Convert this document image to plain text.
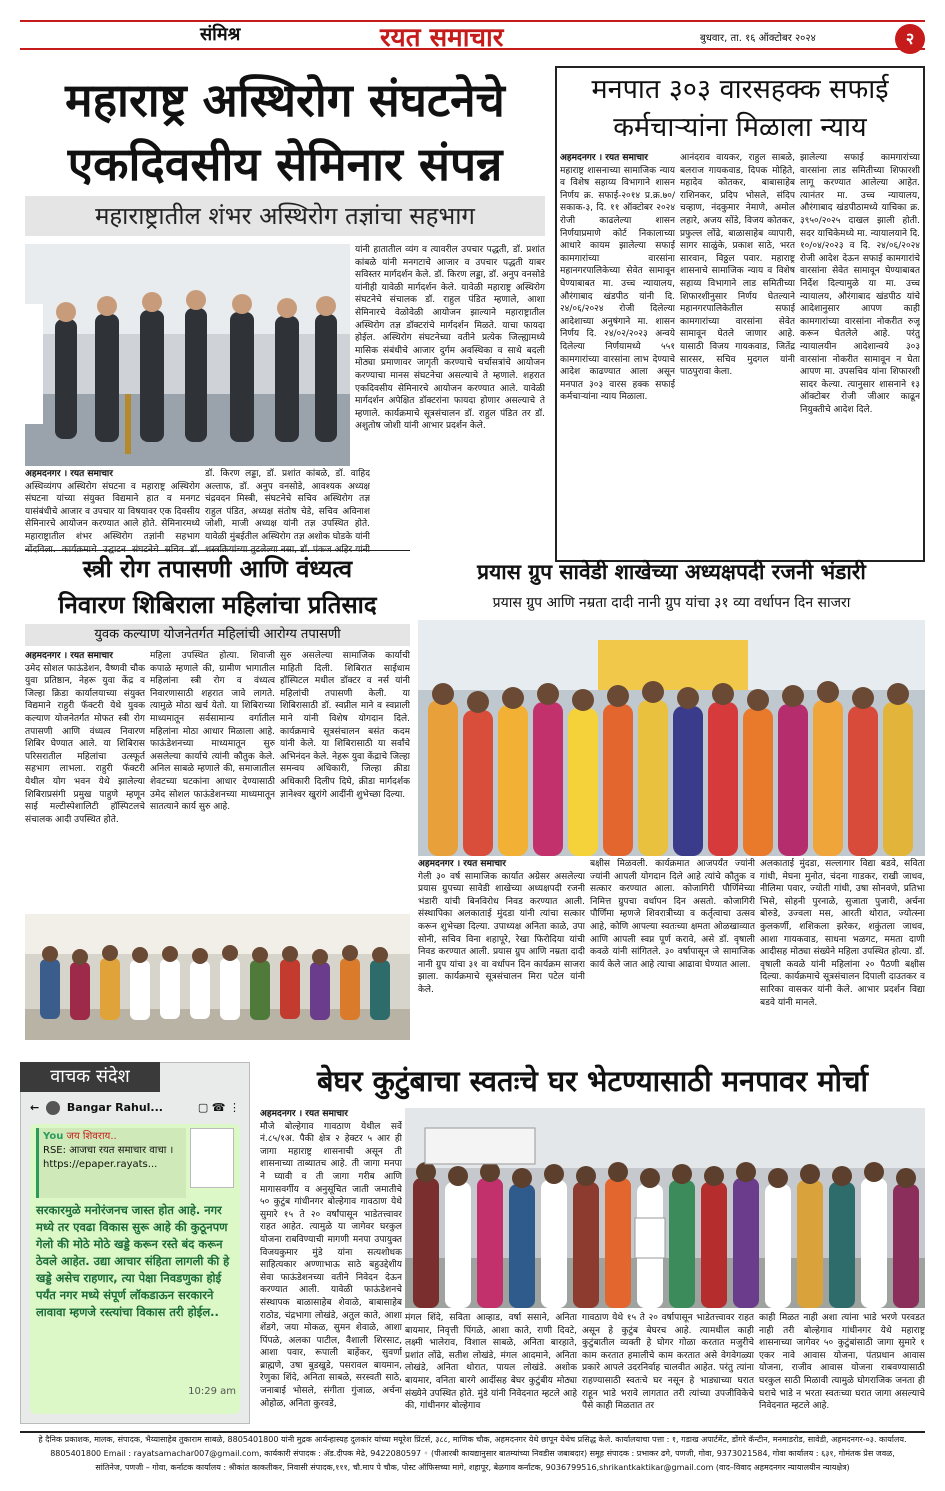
संमिश्र	रयत समाचार	बुधवार, ता. १६ ऑक्टोबर २०२४	२
महाराष्ट्र अस्थिरोग संघटनेचे
एकदिवसीय सेमिनार संपन्न
महाराष्ट्रातील शंभर अस्थिरोग तज्ञांचा सहभाग
अहमदनगर । रयत समाचार
अस्थिव्यंगप अस्थिरोग संघटना व महाराष्ट्र अस्थिरोग संघटना यांच्या संयुक्त विद्यमाने हात व मनगट यासंबंधीचे आजार व उपचार या विषयावर एक दिवसीय सेमिनारचे आयोजन करण्यात आले होते. सेमिनारमध्ये महाराष्ट्रातील शंभर अस्थिरोग तज्ञांनी सहभाग
डॉ. किरण लड्डा, डॉ. प्रशांत कांबळे, डॉ. वाहिद अल्ताफ, डॉ. अनुप वनसोडे, आवश्यक अध्यक्ष चंद्रवदन मिस्त्री, संघटनेचे सचिव अस्थिरोग तज्ञ राहुल पंडित, अध्यक्ष संतोष चेडे, सचिव अविनाश जोशी, माजी अध्यक्ष यांनी तज्ञ उपस्थित होते. यावेळी मुंबईतील अस्थिरोग तज्ञ अशोक घोडके यांनी
यांनी हातातील व्यंग व त्यावरील उपचार पद्धती, डॉ. प्रशांत कांबळे यांनी मनगटाचे आजार व उपचार पद्धती याबर सविस्तर मार्गदर्शन केले. डॉ. किरण लड्डा, डॉ. अनुप वनसोडे यांनीही यावेळी मार्गदर्शन केले. यावेळी महाराष्ट्र अस्थिरोग संघटनेचे संचालक डॉ. राहुल पंडित म्हणाले, आशा सेमिनारचे वेळोवेळी आयोजन झाल्याने महाराष्ट्रातील अस्थिरोग तज्ञ डॉक्टरांचे मार्गदर्शन मिळते. याचा फायदा होईल. अस्थिरोग संघटनेच्या वतीने प्रत्येक जिल्ह्यामध्ये मासिक संबंधीचे आजार दुर्गम अवस्थिका व साथे बदली मोठ्या प्रमाणावर जागृती करण्याचे चर्चासत्रांचे आयोजन करण्याचा मानस संघटनेचा असल्याचे ते म्हणाले. शहरात एकदिवसीय सेमिनारचे आयोजन करण्यात आले. यावेळी मार्गदर्शन अपेक्षित डॉक्टरांना फायदा होणार असल्याचे ते म्हणाले. कार्यक्रमाचे सूत्रसंचालन डॉ. राहुल पंडित तर डॉ. अशुतोष जोशी यांनी आभार प्रदर्शन केले.
मनपात ३०३ वारसहक्क सफाई
कर्मचाऱ्यांना मिळाला न्याय
अहमदनगर । रयत समाचार
महाराष्ट्र शासनाच्या सामाजिक न्याय व विशेष सहाय्य विभागाने शासन निर्णय क्र. सफाई-२०१४ प्र.क्र.७०/सकाक-३, दि. ११ ऑक्टोबर २०२४ रोजी काढलेल्या शासन निर्णयाप्रमाणे कोर्ट निकालाच्या आधारे कायम झालेल्या सफाई कामगारांच्या वारसांना महानगरपालिकेच्या सेवेत सामावून घेण्याबाबत मा. उच्च न्यायालय, औरंगाबाद खंडपीठ यांनी दि. २४/०६/२०२४ रोजी दिलेल्या आदेशाच्या अनुषंगाने मा. शासन निर्णय दि. २४/०२/२०२३ अन्वये दिलेल्या निर्णयामध्ये ५५१ कामगारांच्या वारसांना लाभ देण्याचे आदेश काढण्यात आला असून मनपात ३०३ वारस हक्क सफाई कर्मचाऱ्यांना न्याय मिळाला.
आनंदराव वायकर, राहुल साबळे, बलराज गायकवाड, दिपक मोहिते, महादेव कोतकर, बाबासाहेब राशिनकर, प्रदिप भोसले, संदिप चव्हाण, नंदकुमार नेमाणे, अमोल लहारे, अजय सोंडे, विजय कोतकर, प्रफुल्ल लोंढे, बाळासाहेब व्यापारी, सागर साळुंके, प्रकाश साठे, भरत सारवान, विठ्ठल पवार. महाराष्ट्र शासनाचे सामाजिक न्याय व विशेष सहाय्य विभागाने लाड समितीच्या शिफारशीनुसार निर्णय घेतल्याने महानगरपालिकेतील सफाई कामगारांच्या वारसांना सेवेत सामावून घेतले जाणार आहे. यासाठी विजय गायकवाड, जितेंद्र सारसर, सचिव मुदगल यांनी पाठपुरावा केला.
झालेल्या सफाई कामगारांच्या वारसांना लाड समितीच्या शिफारशी लागू करण्यात आलेल्या आहेत. त्यानंतर मा. उच्च न्यायालय, औरंगाबाद खंडपीठामध्ये याचिका क्र. ३९५०/२०२५ दाखल झाली होती. सदर याचिकेमध्ये मा. न्यायालयाने दि. १०/०४/२०२३ व दि. २४/०६/२०२४ रोजी आदेश देऊन सफाई कामगारांचे वारसांना सेवेत सामावून घेण्याबाबत निर्देश दिल्यामुळे या मा. उच्च न्यायालय, औरंगाबाद खंडपीठ यांचे आदेशानुसार आपण काही कामगारांच्या वारसांना नोकरीत रुजू करून घेतलेले आहे. परंतु न्यायालयीन आदेशान्वये ३०३ वारसांना नोकरीत सामावून न घेता आपण मा. उपसचिव यांना शिफारशी सादर केल्या. त्यानुसार शासनाने १३ ऑक्टोबर रोजी जीआर काढून नियुक्तीचे आदेश दिले.
स्त्री रोग तपासणी आणि वंध्यत्व
निवारण शिबिराला महिलांचा प्रतिसाद
युवक कल्याण योजनेतर्गत महिलांची आरोग्य तपासणी
अहमदनगर । रयत समाचार
उमेद सोशल फाऊंडेशन, वैष्णवी चौक युवा प्रतिष्ठान, नेहरू युवा केंद्र व जिल्हा क्रिडा कार्यालयाच्या संयुक्त विद्यमाने राहुरी फॅक्टरी येथे युवक कल्याण योजनेतर्गत मोफत स्त्री रोग तपासणी आणि वंध्यत्व निवारण शिबिर घेण्यात आले. या शिबिरास परिसरातील महिलांचा उत्स्फूर्त सहभाग लाभला. राहुरी फॅक्टरी येथील योग भवन येथे झालेल्या शिबिराप्रसंगी प्रमुख पाहुणे म्हणून साई मल्टीस्पेशालिटी हॉस्पिटलचे संचालक आदी उपस्थित होते.
महिला उपस्थित होत्या. शिवाजी कपाळे म्हणाले की, ग्रामीण भागातील महिलांना स्त्री रोग व वंध्यत्व निवारणासाठी शहरात जावे लागते. त्यामुळे मोठा खर्च येतो. या शिबिराच्या माध्यमातून सर्वसामान्य वर्गातील महिलांना मोठा आधार मिळाला आहे. फाऊंडेशनच्या माध्यमातून सुरु असलेल्या कार्याचे त्यांनी कौतुक केले. अनिल साबळे म्हणाले की, समाजातील शेवटच्या घटकांना आधार देण्यासाठी उमेद सोशल फाऊंडेशनच्या माध्यमातून सातत्याने कार्य सुरु आहे.
सुरु असलेल्या सामाजिक कार्याची माहिती दिली. शिबिरात साईधाम हॉस्पिटल मधील डॉक्टर व नर्स यांनी महिलांची तपासणी केली. या शिबिरासाठी डॉ. स्वप्नील माने व स्वप्नाली माने यांनी विशेष योगदान दिले. कार्यक्रमाचे सूत्रसंचालन बसंत कदम यांनी केले. या शिबिरासाठी या सर्वांचे अभिनंदन केले. नेहरू युवा केंद्राचे जिल्हा समन्वय अधिकारी, जिल्हा क्रीडा अधिकारी दिलीप दिघे, क्रीडा मार्गदर्शक ज्ञानेश्वर खुरांगे आदींनी शुभेच्छा दिल्या.
प्रयास ग्रुप सावेडी शाखेच्या अध्यक्षपदी रजनी भंडारी
प्रयास ग्रुप आणि नम्रता दादी नानी ग्रुप यांचा ३१ व्या वर्धापन दिन साजरा
अहमदनगर । रयत समाचार
गेली ३० वर्ष सामाजिक कार्यात अग्रेसर असलेल्या प्रयास ग्रुपच्या सावेडी शाखेच्या अध्यक्षपदी रजनी भंडारी यांची बिनविरोध निवड करण्यात आली. संस्थापिका अलकाताई मुंदडा यांनी त्यांचा सत्कार करून शुभेच्छा दिल्या. उपाध्यक्ष अनिता काळे, उपा सोनी, सचिव विना शहापूरे, रेखा फिरोदिया यांची निवड करण्यात आली. प्रयास ग्रुप आणि नम्रता दादी नानी ग्रुप यांचा ३१ वा वर्धापन दिन कार्यक्रम साजरा झाला. कार्यक्रमाचे सूत्रसंचालन मिरा पटेल यांनी केले.
बक्षीस मिळवली. कार्यक्रमात आजपर्यंत ज्यांनी ज्यांनी आपली योगदान दिले आहे त्यांचे कौतुक व सत्कार करण्यात आला. कोजागिरी पौर्णिमेच्या निमित्त ग्रुपचा वर्धापन दिन असतो. कोजागिरी पौर्णिमा म्हणजे शिवरात्रीच्या व कर्तृत्वाचा उत्सव आहे, कोणि आपल्या स्वतःच्या क्षमता ओळखाव्यात आणि आपली स्वप्न पूर्ण करावे, असे डॉ. वृषाली कवळे यांनी सांगितले. ३० वर्षापासून जे सामाजिक कार्य केले जात आहे त्याचा आढावा घेण्यात आला.
अलकाताई मुंदडा, सल्लागार विद्या बडवे, सविता गांधी, मेघना मुनोत, चंदना गाडकर, राखी जाधव, नीलिमा पवार, ज्योती गांधी, उषा सोनवणे, प्रतिभा भिसे, सोहनी पुरनाळे, सुजाता पुजारी, अर्चना बोरुडे, उज्वला मस, आरती थोरात, ज्योत्स्ना कुलकर्णी, शशिकला झरेकर, शकुंतला जाधव, आशा गायकवाड, साधना भळगट, ममता दाणी आदीसह मोठ्या संख्येने महिला उपस्थित होत्या. डॉ. वृषाली कवळे यांनी महिलांना २० पैठणी बक्षीस दिल्या. कार्यक्रमाचे सूत्रसंचालन दिपाली दाउतकर व सारिका वासकर यांनी केले. आभार प्रदर्शन विद्या बडवे यांनी मानले.
वाचक संदेश
←	Bangar Rahul...	▢ ☎ ⋮
You जय शिवराय..
RSE: आजचा रयत समाचार वाचा ।
https://epaper.rayats...
सरकारमुळे मनोरंजनच जास्त होत आहे. नगर मध्ये तर एवढा विकास सुरू आहे की कुठूनपण गेलो की मोठे मोठे खड्डे करून रस्ते बंद करून ठेवले आहेत. उद्या आचार संहिता लागली की हे खड्डे असेच राहणार, त्या पेक्षा निवडणुका होई पर्यंत नगर मध्ये संपूर्ण लॉकडाऊन सरकारने लावावा म्हणजे रस्त्यांचा विकास तरी होईल..
10:29 am
बेघर कुटुंबाचा स्वतःचे घर भेटण्यासाठी मनपावर मोर्चा
अहमदनगर । रयत समाचार
मौजे बोल्हेगाव गावठाण येथील सर्वे नं.८५/१अ. पैकी क्षेत्र २ हेक्टर ५ आर ही जागा महाराष्ट्र शासनाची असून ती शासनाच्या ताब्यातच आहे. ती जागा मनपा ने घ्यावी व ती जागा गरीब आणि मागासवर्गीय व अनुसूचित जाती जमातीचे ५० कुटुंब गांधीनगर बोल्हेगाव गावठाण येथे सुमारे १५ ते २० वर्षांपासून भाडेतत्त्वावर राहत आहेत. त्यामुळे या जागेवर घरकुल योजना राबविण्याची मागणी मनपा उपायुक्त विजयकुमार मुंडे यांना सत्यशोधक साहित्यकार अण्णाभाऊ साठे बहुउद्देशीय सेवा फाऊंडेशनच्या वतीने निवेदन देऊन करण्यात आली. यावेळी फाऊंडेशनचे संस्थापक बाळासाहेब शेवाळे, बाबासाहेब राठोड, चंद्रभागा लोखंडे, अतुल काते, आशा शेंडगे, जया मोकळ, सुमन शेवाळे, आशा पिंपळे, अलका पाटील, वैशाली शिरसाट, आशा पवार, रूपाली बाहेंकर, सुवर्णा ब्राह्मणे, उषा बुडखुडे, पसरावल बायमान, रेणुका शिंदे, अनिता साबळे, सरस्वती साठे, जनाबाई भोसले, संगीता गुंजाळ, अर्चना ओहोळ, अनिता कुरवडे,
मंगल शिंदे, सविता आव्हाड, वर्षा ससाने, अनिता बायमार, निवृत्ती पिंगळे, आशा काते, राणी दिवटे, लक्ष्मी भालेराव, विशाल साबळे, अनिता बारहाते, प्रशांत लोंढे, सतीश लोखंडे, मंगल आदमाने, अनिता लोखंडे, अनिता थोरात, पायल लोखंडे. अशोक बायमार, वनिता बारगे आदींसह बेघर कुटुंबीय मोठ्या संख्येने उपस्थित होते. मुंडे यांनी निवेदनात म्हटले आहे की, गांधीनगर बोल्हेगाव
गावठाण येथे १५ ते २० वर्षापासून भाडेतत्त्वावर राहत असून हे कुटुंब बेघरच आहे. त्यामधील काही कुटुंबातील व्यक्ती हे घोगर गोळा करतात मजुरीचे काम करतात हमालीचे काम करतात असे वेगवेगळ्या प्रकारे आपले उदरनिर्वाह चालवीत आहेत. परंतु त्यांना राहण्यासाठी स्वतःचे घर नसून हे भाड्याच्या घरात राहून भाडे भरावे लागतात तरी त्यांच्या उपजीविकेचे पैसे काही मिळतात तर
काही मिळत नाही अशा त्यांना भाडे भरणे परवडत नाही तरी बोल्हेगाव गांधीनगर येथे महाराष्ट्र शासनाच्या जागेवर ५० कुटुंबांसाठी जागा सुमारे १ एकर नावे आवास योजना, पंतप्रधान आवास योजना, राजीव आवास योजना राबवण्यासाठी घरकुल साठी मिळावी त्यामुळे घोगराजिक जनता ही घराचे भाडे न भरता स्वतःच्या घरात जागा असल्याचे निवेदनात म्हटले आहे.
हे दैनिक प्रकाशक, मालक, संपादक, भैय्यासाहेब तुकाराम साबळे, 8805401800 यांनी मुद्रक आर्यन्हास्यह दुलकांर यांच्या मयूरेश प्रिंटर्स, ३८८, माणिक चौक, अहमदनगर येथे छापून येथेच प्रसिद्ध केले. कार्यालयाचा पत्ता : १, गडाख अपार्टमेंट, डोंगरे कॅन्टीन, मनमाडरोड, सावेडी, अहमदनगर-०३. कार्यालय.
8805401800 Email : rayatsamachar007@gmail.com, कार्यकारी संपादक : ॲड.दीपक मेढे, 9422080597 ◦ (पीआरबी कायद्यानुसार बातम्यांच्या निवडीस जबाबदार) समूह संपादक : प्रभाकर ढगे, पणजी, गोवा, 9373021584, गोवा कार्यालय : ६३१, गोमंतक प्रेस जवळ,
सांतिनेज, पणजी – गोवा, कर्नाटक कार्यालय : श्रीकांत काकतीकर, निवासी संपादक,१११, चौ.माप पे चौक, पोस्ट ऑफिसच्या मागे, शहापूर, बेळगाव कर्नाटक, 9036799516,shrikantkaktikar@gmail.com (वाद–विवाद अहमदनगर न्यायालयीन न्यायक्षेत्र)
